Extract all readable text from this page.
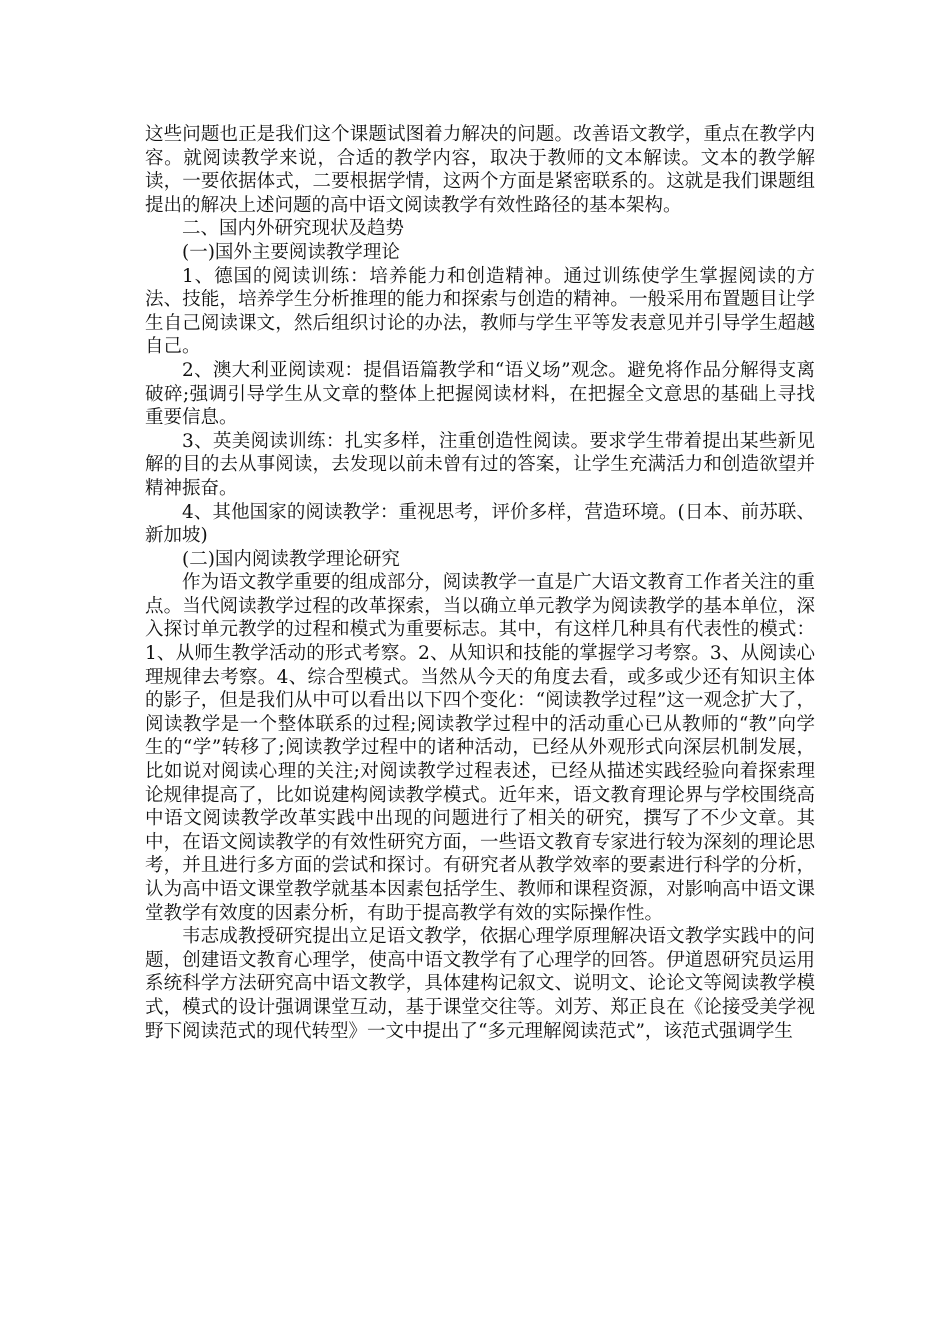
这些问题也正是我们这个课题试图着力解决的问题。改善语文教学，重点在教学内容。就阅读教学来说，合适的教学内容，取决于教师的文本解读。文本的教学解读，一要依据体式，二要根据学情，这两个方面是紧密联系的。这就是我们课题组提出的解决上述问题的高中语文阅读教学有效性路径的基本架构。

二、国内外研究现状及趋势

(一)国外主要阅读教学理论

1、德国的阅读训练：培养能力和创造精神。通过训练使学生掌握阅读的方法、技能，培养学生分析推理的能力和探索与创造的精神。一般采用布置题目让学生自己阅读课文，然后组织讨论的办法，教师与学生平等发表意见并引导学生超越自己。

2、澳大利亚阅读观：提倡语篇教学和“语义场”观念。避免将作品分解得支离破碎;强调引导学生从文章的整体上把握阅读材料，在把握全文意思的基础上寻找重要信息。

3、英美阅读训练：扎实多样，注重创造性阅读。要求学生带着提出某些新见解的目的去从事阅读，去发现以前未曾有过的答案，让学生充满活力和创造欲望并精神振奋。

4、其他国家的阅读教学：重视思考，评价多样，营造环境。(日本、前苏联、新加坡)

(二)国内阅读教学理论研究

作为语文教学重要的组成部分，阅读教学一直是广大语文教育工作者关注的重点。当代阅读教学过程的改革探索，当以确立单元教学为阅读教学的基本单位，深入探讨单元教学的过程和模式为重要标志。其中，有这样几种具有代表性的模式：1、从师生教学活动的形式考察。2、从知识和技能的掌握学习考察。3、从阅读心理规律去考察。4、综合型模式。当然从今天的角度去看，或多或少还有知识主体的影子，但是我们从中可以看出以下四个变化：“阅读教学过程”这一观念扩大了，阅读教学是一个整体联系的过程;阅读教学过程中的活动重心已从教师的“教”向学生的“学”转移了;阅读教学过程中的诸种活动，已经从外观形式向深层机制发展，比如说对阅读心理的关注;对阅读教学过程表述，已经从描述实践经验向着探索理论规律提高了，比如说建构阅读教学模式。近年来，语文教育理论界与学校围绕高中语文阅读教学改革实践中出现的问题进行了相关的研究，撰写了不少文章。其中，在语文阅读教学的有效性研究方面，一些语文教育专家进行较为深刻的理论思考，并且进行多方面的尝试和探讨。有研究者从教学效率的要素进行科学的分析，认为高中语文课堂教学就基本因素包括学生、教师和课程资源，对影响高中语文课堂教学有效度的因素分析，有助于提高教学有效的实际操作性。

韦志成教授研究提出立足语文教学，依据心理学原理解决语文教学实践中的问题，创建语文教育心理学，使高中语文教学有了心理学的回答。伊道恩研究员运用系统科学方法研究高中语文教学，具体建构记叙文、说明文、论论文等阅读教学模式，模式的设计强调课堂互动，基于课堂交往等。刘芳、郑正良在《论接受美学视野下阅读范式的现代转型》一文中提出了“多元理解阅读范式”，该范式强调学生
